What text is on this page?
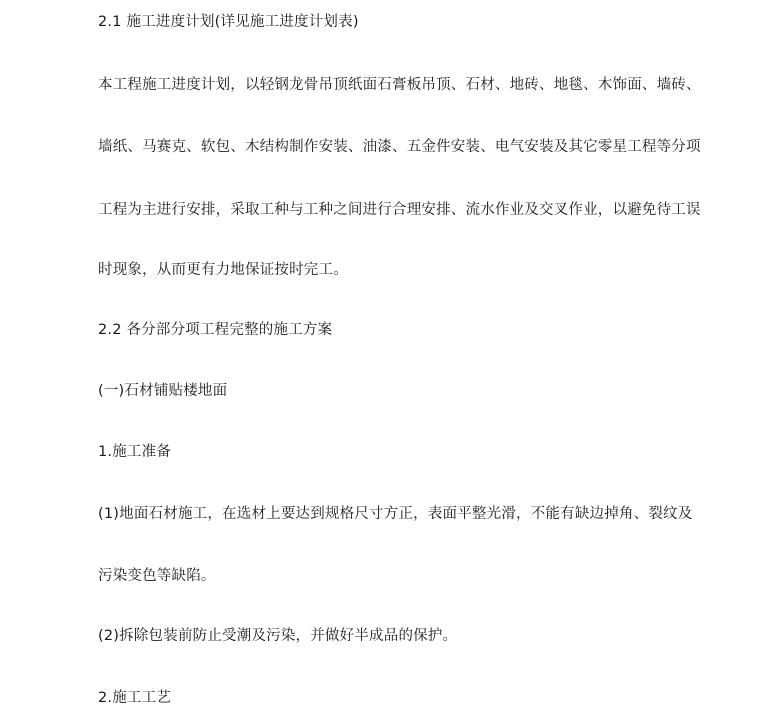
2.1 施工进度计划(详见施工进度计划表)
本工程施工进度计划，以轻钢龙骨吊顶纸面石膏板吊顶、石材、地砖、地毯、木饰面、墙砖、
墙纸、马赛克、软包、木结构制作安装、油漆、五金件安装、电气安装及其它零星工程等分项
工程为主进行安排，采取工种与工种之间进行合理安排、流水作业及交叉作业，以避免待工误
时现象，从而更有力地保证按时完工。
2.2 各分部分项工程完整的施工方案
(一)石材铺贴楼地面
1.施工准备
(1)地面石材施工，在选材上要达到规格尺寸方正，表面平整光滑，不能有缺边掉角、裂纹及
污染变色等缺陷。
(2)拆除包装前防止受潮及污染，并做好半成品的保护。
2.施工工艺
